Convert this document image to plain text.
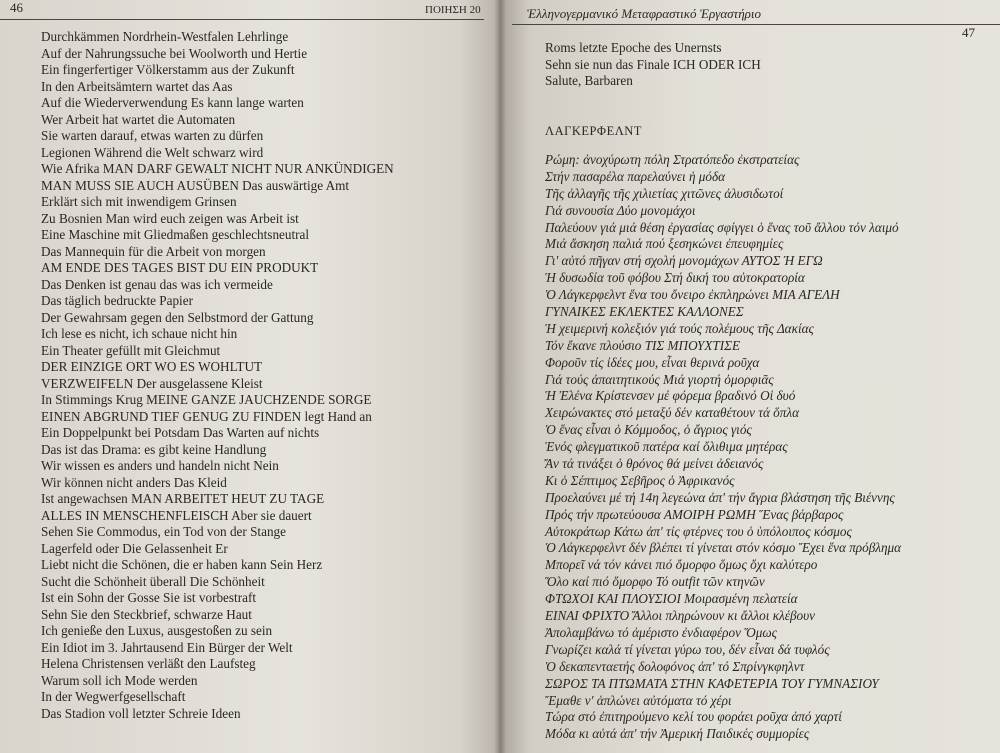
46	ΠΟΙΗΣΗ 20
Durchkämmen Nordrhein-Westfalen Lehrlinge
Auf der Nahrungssuche bei Woolworth und Hertie
Ein fingerfertiger Völkerstamm aus der Zukunft
In den Arbeitsämtern wartet das Aas
Auf die Wiederverwendung Es kann lange warten
Wer Arbeit hat wartet die Automaten
Sie warten darauf, etwas warten zu dürfen
Legionen Während die Welt schwarz wird
Wie Afrika MAN DARF GEWALT NICHT NUR ANKÜNDIGEN
MAN MUSS SIE AUCH AUSÜBEN Das auswärtige Amt
Erklärt sich mit inwendigem Grinsen
Zu Bosnien Man wird euch zeigen was Arbeit ist
Eine Maschine mit Gliedmaßen geschlechtsneutral
Das Mannequin für die Arbeit von morgen
AM ENDE DES TAGES BIST DU EIN PRODUKT
Das Denken ist genau das was ich vermeide
Das täglich bedruckte Papier
Der Gewahrsam gegen den Selbstmord der Gattung
Ich lese es nicht, ich schaue nicht hin
Ein Theater gefüllt mit Gleichmut
DER EINZIGE ORT WO ES WOHLTUT
VERZWEIFELN Der ausgelassene Kleist
In Stimmings Krug MEINE GANZE JAUCHZENDE SORGE
EINEN ABGRUND TIEF GENUG ZU FINDEN legt Hand an
Ein Doppelpunkt bei Potsdam Das Warten auf nichts
Das ist das Drama: es gibt keine Handlung
Wir wissen es anders und handeln nicht Nein
Wir können nicht anders Das Kleid
Ist angewachsen MAN ARBEITET HEUT ZU TAGE
ALLES IN MENSCHENFLEISCH Aber sie dauert
Sehen Sie Commodus, ein Tod von der Stange
Lagerfeld oder Die Gelassenheit Er
Liebt nicht die Schönen, die er haben kann Sein Herz
Sucht die Schönheit überall Die Schönheit
Ist ein Sohn der Gosse Sie ist vorbestraft
Sehn Sie den Steckbrief, schwarze Haut
Ich genieße den Luxus, ausgestoßen zu sein
Ein Idiot im 3. Jahrtausend Ein Bürger der Welt
Helena Christensen verläßt den Laufsteg
Warum soll ich Mode werden
In der Wegwerfgesellschaft
Das Stadion voll letzter Schreie Ideen
Ἑλληνογερμανικό Μεταφραστικό Ἐργαστήριο
47
Roms letzte Epoche des Unernsts
Sehn sie nun das Finale ICH ODER ICH
Salute, Barbaren
ΛΑΓΚΕΡΦΕΛΝΤ
Ρώμη: ἀνοχύρωτη πόλη Στρατόπεδο ἐκστρατείας
Στήν πασαρέλα παρελαύνει ἡ μόδα
Τῆς ἀλλαγῆς τῆς χιλιετίας χιτῶνες ἀλυσιδωτοί
Γιά συνουσία Δύο μονομάχοι
Παλεύουν γιά μιά θέση ἐργασίας σφίγγει ὁ ἕνας τοῦ ἄλλου τόν λαιμό
Μιά ἄσκηση παλιά πού ξεσηκώνει ἐπευφημίες
Γι' αὐτό πῆγαν στή σχολή μονομάχων ΑΥΤΟΣ Ή ΕΓΩ
Ἡ δυσωδία τοῦ φόβου Στή δική του αὐτοκρατορία
Ὁ Λάγκερφελντ ἕνα του ὄνειρο ἐκπληρώνει ΜΙΑ ΑΓΕΛΗ
ΓΥΝΑΙΚΕΣ ΕΚΛΕΚΤΕΣ ΚΑΛΛΟΝΕΣ
Ἡ χειμερινή κολεξιόν γιά τούς πολέμους τῆς Δακίας
Τόν ἔκανε πλούσιο ΤΙΣ ΜΠΟΥΧΤΙΣΕ
Φοροῦν τίς ἰδέες μου, εἶναι θερινά ροῦχα
Γιά τούς ἀπαιτητικούς Μιά γιορτή ὀμορφιᾶς
Ἡ Ἐλένα Κρίστενσεν μέ φόρεμα βραδινό Οἱ δυό
Χειρώνακτες στό μεταξύ δέν καταθέτουν τά ὅπλα
Ὁ ἕνας εἶναι ὁ Κόμμοδος, ὁ ἄγριος γιός
Ἑνός φλεγματικοῦ πατέρα καί ὄλιθιμα μητέρας
Ἄν τά τινάξει ὁ θρόνος θά μείνει ἀδειανός
Κι ὁ Σέπτιμος Σεβῆρος ὁ Ἀφρικανός
Προελαύνει μέ τή 14η λεγεώνα ἀπ' τήν ἄγρια βλάστηση τῆς Βιέννης
Πρός τήν πρωτεύουσα ΑΜΟΙΡΗ ΡΩΜΗ Ἕνας βάρβαρος
Αὐτοκράτωρ Κάτω ἀπ' τίς φτέρνες του ὁ ὑπόλοιπος κόσμος
Ὁ Λάγκερφελντ δέν βλέπει τί γίνεται στόν κόσμο Ἔχει ἕνα πρόβλημα
Μπορεῖ νά τόν κάνει πιό ὄμορφο ὅμως ὄχι καλύτερο
Ὅλο καί πιό ὄμορφο Τό outfit τῶν κτηνῶν
ΦΤΩΧΟΙ ΚΑΙ ΠΛΟΥΣΙΟΙ Μοιρασμένη πελατεία
ΕΙΝΑΙ ΦΡΙΧΤΟ Ἄλλοι πληρώνουν κι ἄλλοι κλέβουν
Ἀπολαμβάνω τό ἀμέριστο ἐνδιαφέρον Ὅμως
Γνωρίζει καλά τί γίνεται γύρω του, δέν εἶναι δά τυφλός
Ὁ δεκαπενταετής δολοφόνος ἀπ' τό Σπρίνγκφηλντ
ΣΩΡΟΣ ΤΑ ΠΤΩΜΑΤΑ ΣΤΗΝ ΚΑΦΕΤΕΡΙΑ ΤΟΥ ΓΥΜΝΑΣΙΟΥ
Ἔμαθε ν' ἁπλώνει αὐτόματα τό χέρι
Τώρα στό ἐπιτηρούμενο κελί του φοράει ροῦχα ἀπό χαρτί
Μόδα κι αὐτά ἀπ' τήν Ἀμερική Παιδικές συμμορίες
